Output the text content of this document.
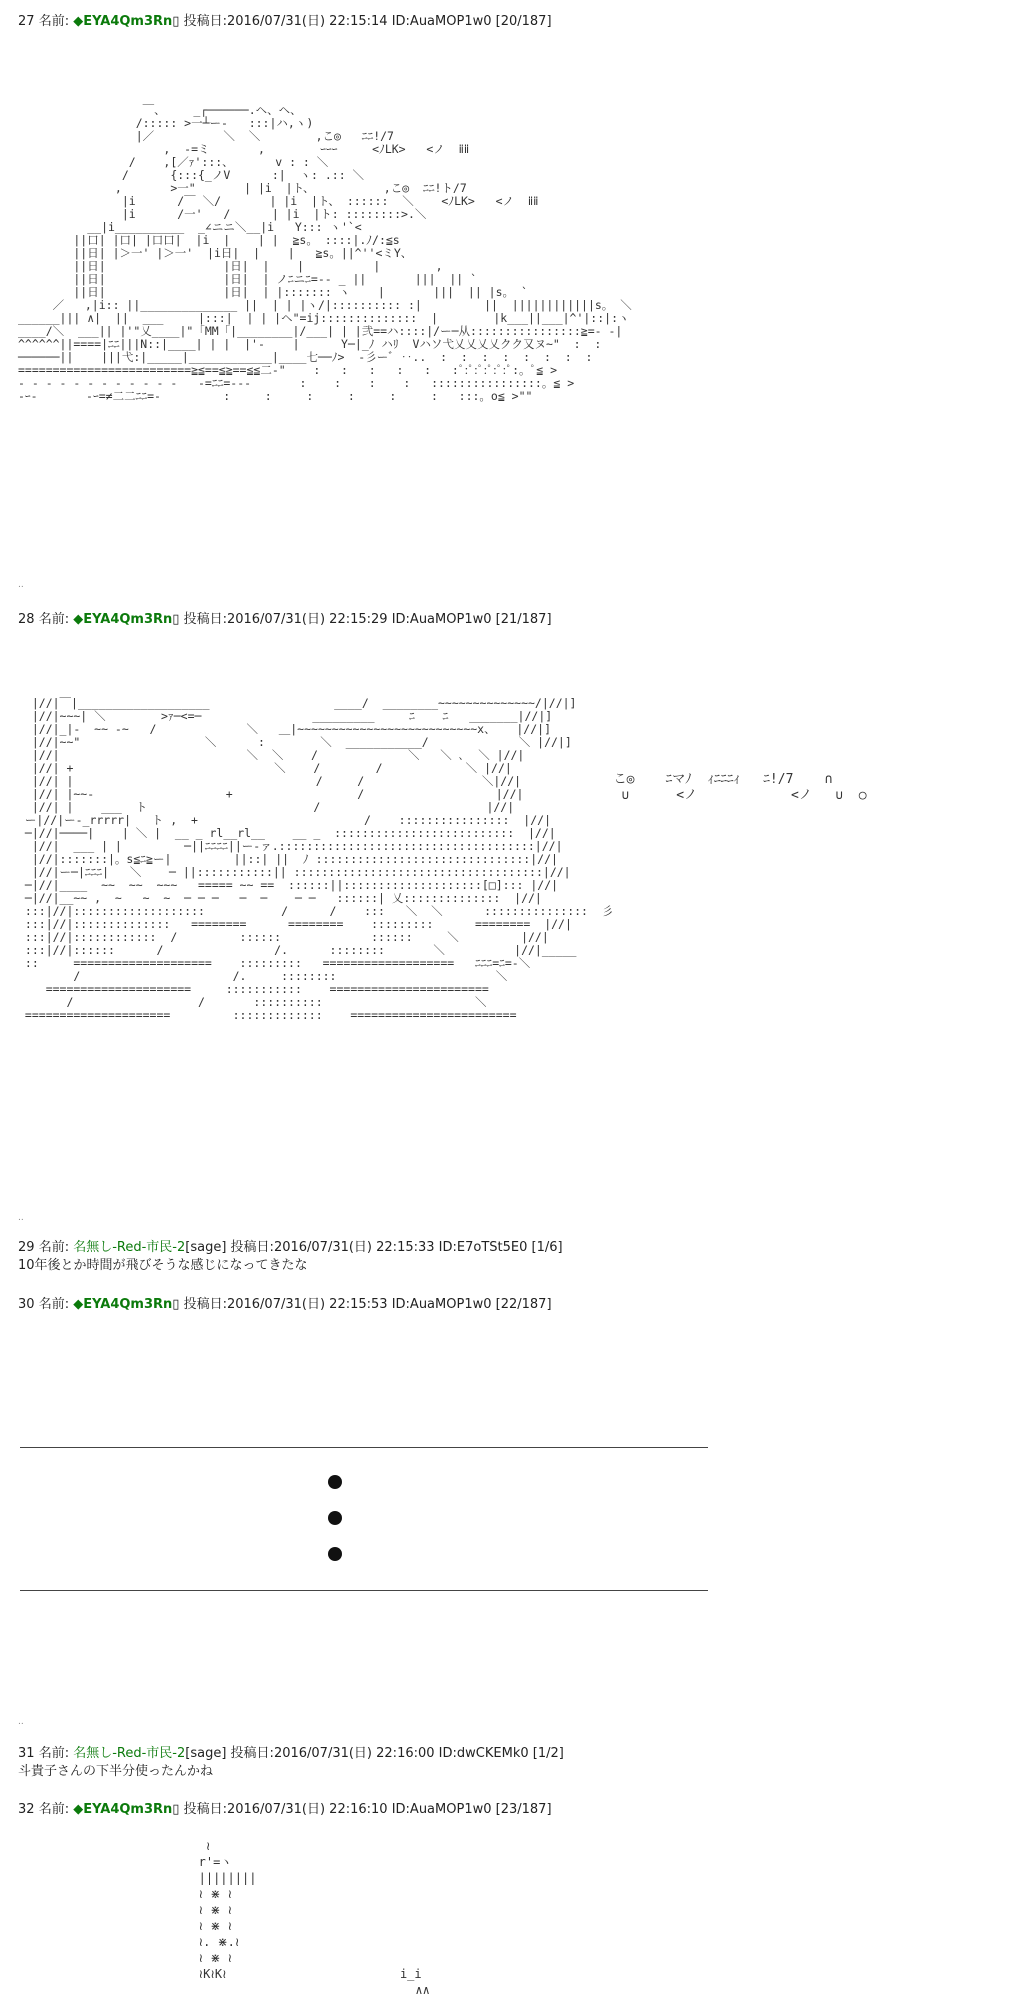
27 名前: ◆EYA4Qm3Rn▯ 投稿日:2016/07/31(日) 22:15:14 ID:AuaMOP1w0 [20/187]
￣、    _┌──────.ヘ、ヘ、
/::::: >一┴ー-   :::|ハ,ヽ)
|／          ＼  ＼        ,こ◎   ﾆﾆ!/7
,  -=ミ       ,        ｰｰｰ     <ﾉLK>   <ノ  ⅱⅱ
/    ,[／ｧ':::、      v : : ＼
/      {:::{_ノV      :|  ヽ: .:: ＼
,       >一"       | |i  |ト、          ,こ◎  ﾆﾆ!ト/7
|i      /￣ ＼/       | |i  |ト、 ::::::  ＼    <ﾉLK>   <ノ  ⅱⅱ
|i      /一'   /      | |i  |ト: ::::::::>.＼
__|i__________  _∠ニニ＼__|i   Y::: ヽ'`<
||口| |口| |口口|  |i  |    | |  ≧s。 ::::|.ﾉ/:≦s
||日| |＞一' |＞一'  |i日|  |    |   ≧s。||^''<ミY、
||日|                 |日|  |    |          |        ,
||日|                 |日|  | ノﾆニﾆ=-- _ ||       |||  || `
||日|                 |日|  | |::::::: ヽ    |       |||  || |s。 `
／   ,|i:: ||______________ ||  | | |ヽ/|:::::::::: :|         ||  ||||||||||||s。 ＼
______||| ∧|  ||  ___     |:::|  | | |ヘ"=ij::::::::::::::  |        |k___||___|^'|::|:ヽ
____/＼  ___|| |'"乂____|"「MM「|________|/___| | |弐==ハ::::|/ー─从::::::::::::::::≧=- -|
^^^^^^||====|ﾆﾆ|||N::|____| | |  |'-    |      Y─|_ﾉ ハﾘ  Vハソ弋乂乂乂乂クク又ヌ~"  :  :
──────||    |||弋:|_____|____________|____七──ﾉ>  -彡ーﾞ ‥..  :  :  :  :  :  :  :  :
=========================≧≦==≦≧==≦≦二-"    :   :   :   :   :   :ﾟ:ﾟ:ﾟ:ﾟ:ﾟ:ﾟ:。ﾟ≦ >
- - - - - - - - - - - -   -=ﾆﾆ=‐--       :    :    :    :   ::::::::::::::::。≦ >
-ｰ-       -ｰ=≠二二ﾆﾆ=-         :     :     :     :     :     :   :::。o≦ >""
..
28 名前: ◆EYA4Qm3Rn▯ 投稿日:2016/07/31(日) 22:15:29 ID:AuaMOP1w0 [21/187]
|//|￣|___________________                  ____/  ________~~~~~~~~~~~~~~/|//|]
|//|~~~| ＼        >ｧ─<=─                _________     ﾆ    ﾆ   _______|//|]
|//|_|-  ~~ -~   /             ＼   ＿|~~~~~~~~~~~~~~~~~~~~~~~~~~x、   |//|]
|//|~~"                  ＼      :        ＼  ___________/             ＼ |//|]
|//|                           ＼  ＼    /             ＼   ＼ ､  ＼ |//|
|//| +                             ＼    /        /            ＼ |//|
|//| |                                   /     /                 ＼|//|
|//| |~~-                   +                  /                   |//|
|//| |    ___  ト                        /                        |//|
ー|//|ー-_rrrrr|   ト ,  +                        /    ::::::::::::::::  |//|
─|//|────|    | ＼ |  __ _ rl__rl__    __ _  ::::::::::::::::::::::::::  |//|
|//|  ___ | |         ─||ﾆﾆﾆﾆ||ー-ァ.:::::::::::::::::::::::::::::::::::::|//|
|//|:::::::|。s≦ﾆ≧ー|         ||::| ||  ﾉ :::::::::::::::::::::::::::::::|//|
|//|ー─|ﾆﾆﾆ|   ＼    ─ ||:::::::::::|| ::::::::::::::::::::::::::::::::::::|//|
─|//|____  ~~  ~~  ~~~   ===== ~~ ==  ::::::||::::::::::::::::::::[□]::: |//|
─|//|__~~ ,  ~   ~  ~  ─ ─ ─   ─  ─    ─ ─   ::::::| 乂::::::::::::::  |//|
:::|//|:::::::::::::::::::           /      /    :::   ＼  ＼      :::::::::::::::  彡
:::|//|::::::::::::::   ========      ========    :::::::::      ========  |//|
:::|//|::::::::::::  /         ::::::             ::::::     ＼         |//|
:::|//|::::::      /                /.      ::::::::       ＼          |//|_____
::     ====================    :::::::::   ===================   ﾆﾆﾆ=ﾆ=-＼
/                      /.     ::::::::                       ＼
=====================     :::::::::::    =======================
/                  /       ::::::::::                      ＼
=====================         :::::::::::::    ========================
こ◎    ﾆマﾉ  ｨﾆﾆﾆｨ   ﾆ!/7    ∩
∪      <ノ            <ノ   ∪  ○
..
29 名前: 名無し-Red-市民-2[sage] 投稿日:2016/07/31(日) 22:15:33 ID:E7oTSt5E0 [1/6]
10年後とか時間が飛びそうな感じになってきたな
30 名前: ◆EYA4Qm3Rn▯ 投稿日:2016/07/31(日) 22:15:53 ID:AuaMOP1w0 [22/187]
..
31 名前: 名無し-Red-市民-2[sage] 投稿日:2016/07/31(日) 22:16:00 ID:dwCKEMk0 [1/2]
斗貴子さんの下半分使ったんかね
32 名前: ◆EYA4Qm3Rn▯ 投稿日:2016/07/31(日) 22:16:10 ID:AuaMOP1w0 [23/187]
≀
r'=ヽ
||||||||
≀ ⋇ ≀
≀ ⋇ ≀
≀ ⋇ ≀
≀. ⋇.≀
≀ ⋇ ≀
≀K≀K≀                        i_i
∧∧
